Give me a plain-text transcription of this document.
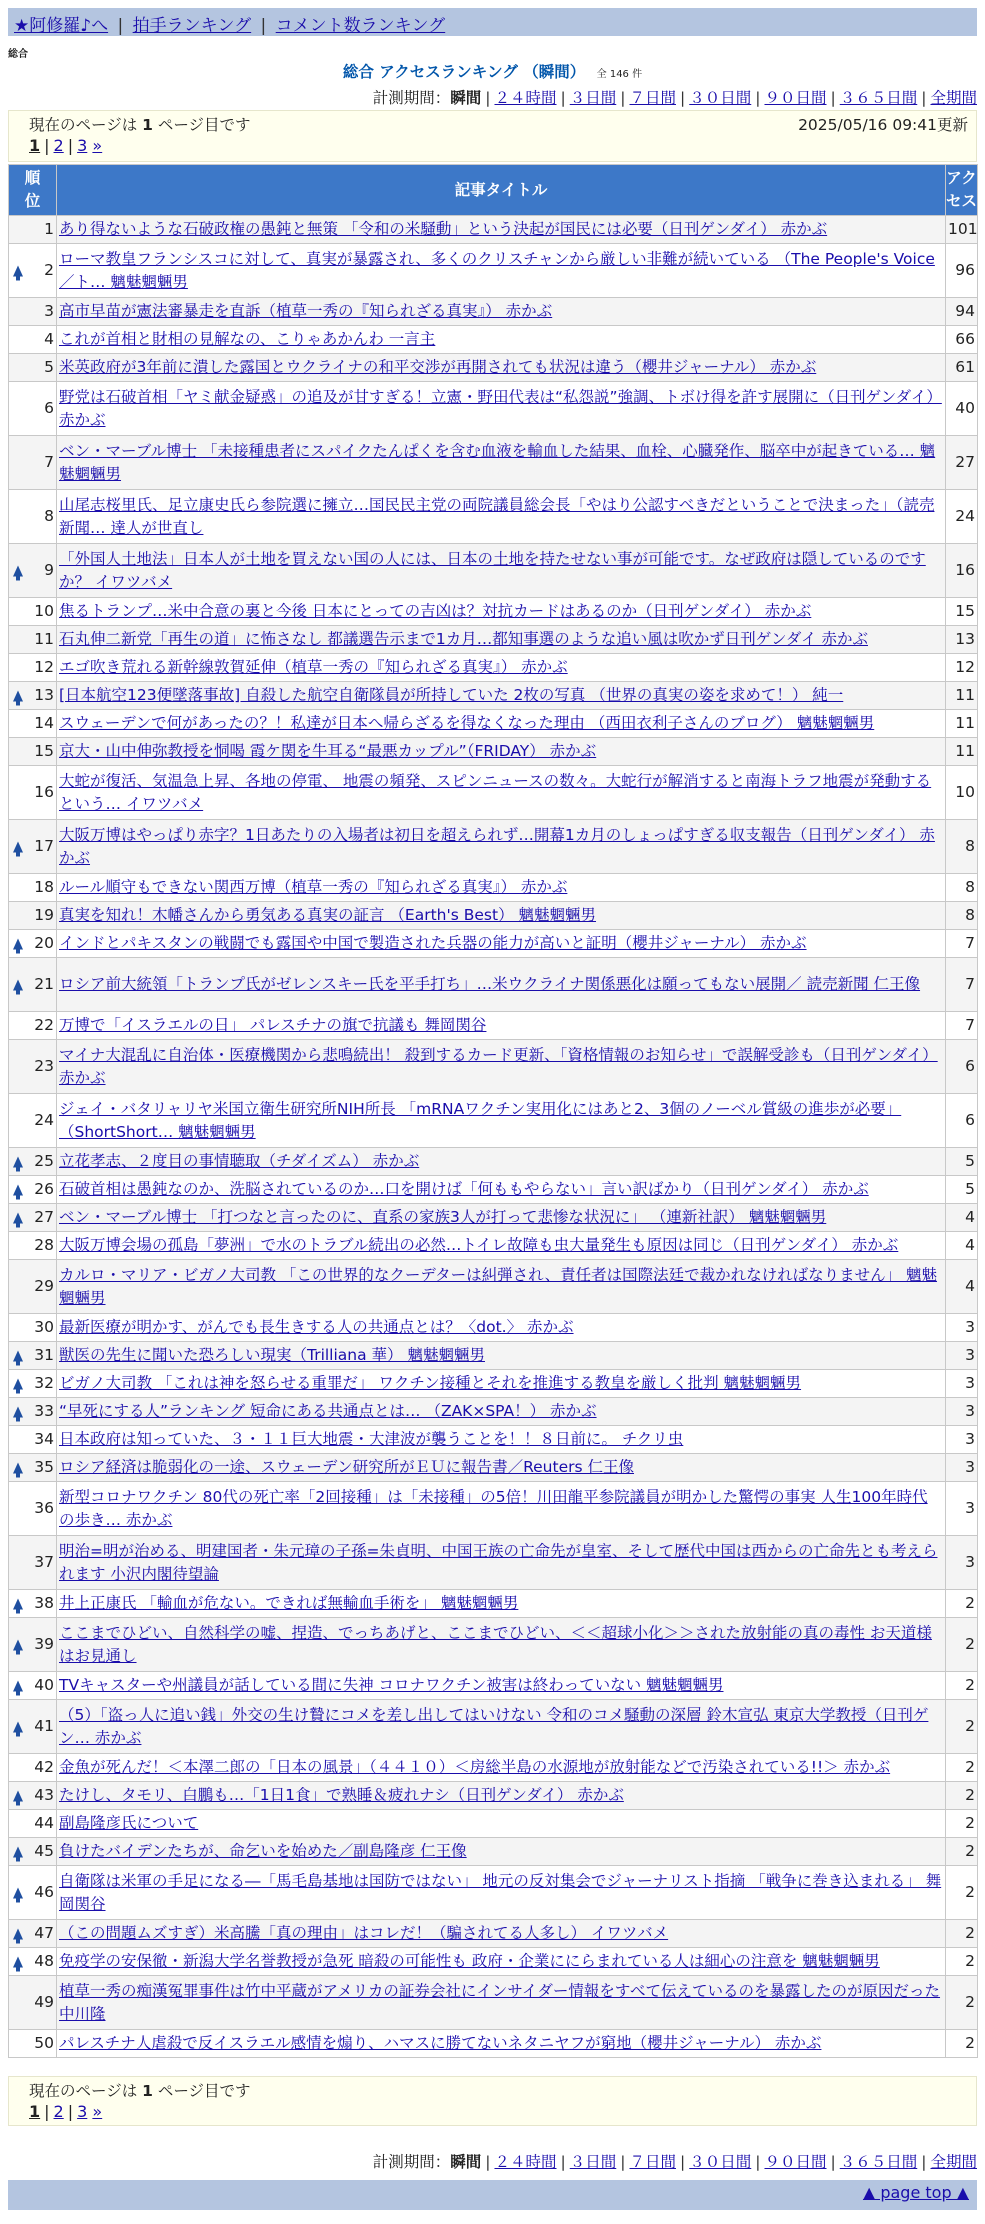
★阿修羅♪へ | 拍手ランキング | コメント数ランキング
総合
総合 アクセスランキング （瞬間） 全 146 件
計測期間：瞬間 | ２４時間 | ３日間 | ７日間 | ３０日間 | ９０日間 | ３６５日間 | 全期間
現在のページは 1 ページ目です	2025/05/16 09:41更新
1 | 2 | 3 »
順
位	記事タイトル	アク
セス
1	あり得ないような石破政権の愚鈍と無策 「令和の米騒動」という決起が国民には必要（日刊ゲンダイ） 赤かぶ	101

2	ローマ教皇フランシスコに対して、真実が暴露され、多くのクリスチャンから厳しい非難が続いている （The People's Voice／ト… 魑魅魍魎男	96
3	高市早苗が憲法審暴走を直訴（植草一秀の『知られざる真実』） 赤かぶ	94
4	これが首相と財相の見解なの、こりゃあかんわ 一言主	66
5	米英政府が3年前に潰した露国とウクライナの和平交渉が再開されても状況は違う（櫻井ジャーナル） 赤かぶ	61
6	野党は石破首相「ヤミ献金疑惑」の追及が甘すぎる！立憲・野田代表は“私怨説”強調、トボけ得を許す展開に（日刊ゲンダイ） 赤かぶ	40
7	ベン・マーブル博士 「未接種患者にスパイクたんぱくを含む血液を輸血した結果、血栓、心臓発作、脳卒中が起きている… 魑魅魍魎男	27
8	山尾志桜里氏、足立康史氏ら参院選に擁立…国民民主党の両院議員総会長「やはり公認すべきだということで決まった」（読売新聞… 達人が世直し	24

9	「外国人土地法」日本人が土地を買えない国の人には、日本の土地を持たせない事が可能です。なぜ政府は隠しているのですか？ イワツバメ	16
10	焦るトランプ…米中合意の裏と今後 日本にとっての吉凶は？対抗カードはあるのか（日刊ゲンダイ） 赤かぶ	15
11	石丸伸二新党「再生の道」に怖さなし 都議選告示まで1カ月…都知事選のような追い風は吹かず日刊ゲンダイ 赤かぶ	13
12	エゴ吹き荒れる新幹線敦賀延伸（植草一秀の『知られざる真実』） 赤かぶ	12

13	[日本航空123便墜落事故] 自殺した航空自衛隊員が所持していた 2枚の写真 （世界の真実の姿を求めて！） 純一	11
14	スウェーデンで何があったの？！私達が日本へ帰らざるを得なくなった理由 （西田衣利子さんのブログ） 魑魅魍魎男	11
15	京大・山中伸弥教授を恫喝 霞ケ関を牛耳る“最悪カップル”（FRIDAY） 赤かぶ	11
16	大蛇が復活、気温急上昇、各地の停電、 地震の頻発、スピンニュースの数々。大蛇行が解消すると南海トラフ地震が発動するという… イワツバメ	10

17	大阪万博はやっぱり赤字？1日あたりの入場者は初日を超えられず…開幕1カ月のしょっぱすぎる収支報告（日刊ゲンダイ） 赤かぶ	8
18	ルール順守もできない関西万博（植草一秀の『知られざる真実』） 赤かぶ	8
19	真実を知れ！木幡さんから勇気ある真実の証言 （Earth's Best） 魑魅魍魎男	8

20	インドとパキスタンの戦闘でも露国や中国で製造された兵器の能力が高いと証明（櫻井ジャーナル） 赤かぶ	7

21	ロシア前大統領「トランプ氏がゼレンスキー氏を平手打ち」…米ウクライナ関係悪化は願ってもない展開／ 読売新聞 仁王像	7
22	万博で「イスラエルの日」 パレスチナの旗で抗議も 舞岡関谷	7
23	マイナ大混乱に自治体・医療機関から悲鳴続出！ 殺到するカード更新、「資格情報のお知らせ」で誤解受診も（日刊ゲンダイ） 赤かぶ	6
24	ジェイ・バタリャリヤ米国立衛生研究所NIH所長 「mRNAワクチン実用化にはあと2、3個のノーベル賞級の進歩が必要」（ShortShort… 魑魅魍魎男	6

25	立花孝志、２度目の事情聴取（チダイズム） 赤かぶ	5

26	石破首相は愚鈍なのか、洗脳されているのか…口を開けば「何ももやらない」言い訳ばかり（日刊ゲンダイ） 赤かぶ	5

27	ベン・マーブル博士 「打つなと言ったのに、直系の家族3人が打って悲惨な状況に」 （連新社訳） 魑魅魍魎男	4
28	大阪万博会場の孤島「夢洲」で水のトラブル続出の必然…トイレ故障も虫大量発生も原因は同じ（日刊ゲンダイ） 赤かぶ	4
29	カルロ・マリア・ビガノ大司教 「この世界的なクーデターは糾弾され、責任者は国際法廷で裁かれなければなりません」 魑魅魍魎男	4
30	最新医療が明かす、がんでも長生きする人の共通点とは？〈dot.〉 赤かぶ	3

31	獣医の先生に聞いた恐ろしい現実（Trilliana 華） 魑魅魍魎男	3

32	ビガノ大司教 「これは神を怒らせる重罪だ」 ワクチン接種とそれを推進する教皇を厳しく批判 魑魅魍魎男	3

33	“早死にする人”ランキング 短命にある共通点とは… （ZAK×SPA！） 赤かぶ	3
34	日本政府は知っていた、３・１１巨大地震・大津波が襲うことを！！８日前に。 チクリ虫	3

35	ロシア経済は脆弱化の一途、スウェーデン研究所がＥＵに報告書／Reuters 仁王像	3
36	新型コロナワクチン 80代の死亡率「2回接種」は「未接種」の5倍！川田龍平参院議員が明かした驚愕の事実 人生100年時代の歩き… 赤かぶ	3
37	明治=明が治める、明建国者・朱元璋の子孫=朱貞明、中国王族の亡命先が皇室、そして歴代中国は西からの亡命先とも考えられます 小沢内閣待望論	3

38	井上正康氏 「輸血が危ない。できれば無輸血手術を」 魑魅魍魎男	2

39	ここまでひどい、自然科学の嘘、捏造、でっちあげと、ここまでひどい、＜＜超球小化＞＞された放射能の真の毒性 お天道様はお見通し	2

40	TVキャスターや州議員が話している間に失神 コロナワクチン被害は終わっていない 魑魅魍魎男	2

41	（5）「盗っ人に追い銭」外交の生け贄にコメを差し出してはいけない 令和のコメ騒動の深層 鈴木宣弘 東京大学教授（日刊ゲン… 赤かぶ	2
42	金魚が死んだ！＜本澤二郎の「日本の風景」（４４１０）＜房総半島の水源地が放射能などで汚染されている!!＞ 赤かぶ	2

43	たけし、タモリ、白鵬も…「1日1食」で熟睡＆疲れナシ（日刊ゲンダイ） 赤かぶ	2
44	副島隆彦氏について	2

45	負けたバイデンたちが、命乞いを始めた／副島隆彦 仁王像	2

46	自衛隊は米軍の手足になる―「馬毛島基地は国防ではない」 地元の反対集会でジャーナリスト指摘 「戦争に巻き込まれる」 舞岡関谷	2

47	（この問題ムズすぎ）米高騰「真の理由」はコレだ！（騙されてる人多し） イワツバメ	2

48	免疫学の安保徹・新潟大学名誉教授が急死 暗殺の可能性も 政府・企業ににらまれている人は細心の注意を 魑魅魍魎男	2
49	植草一秀の痴漢冤罪事件は竹中平蔵がアメリカの証券会社にインサイダー情報をすべて伝えているのを暴露したのが原因だった 中川隆	2
50	パレスチナ人虐殺で反イスラエル感情を煽り、ハマスに勝てないネタニヤフが窮地（櫻井ジャーナル） 赤かぶ	2
現在のページは 1 ページ目です
1 | 2 | 3 »
計測期間：瞬間 | ２４時間 | ３日間 | ７日間 | ３０日間 | ９０日間 | ３６５日間 | 全期間
▲ page top ▲
